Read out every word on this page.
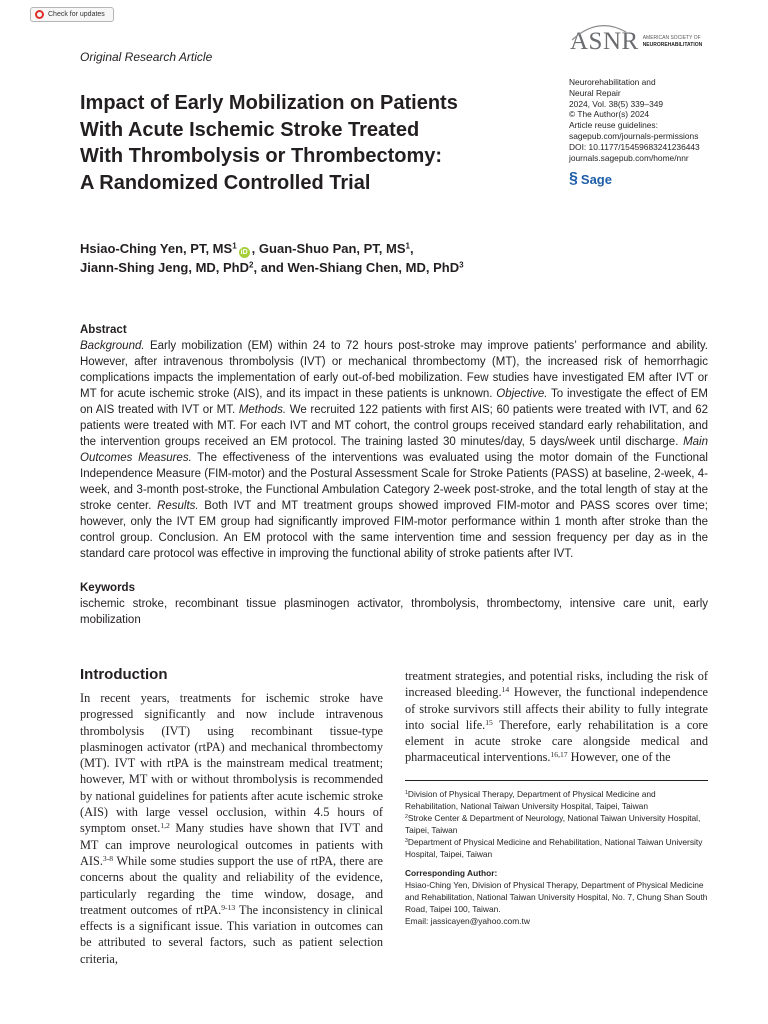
Check for updates
Original Research Article
ASNR AMERICAN SOCIETY OF
NEUROREHABILITATION
Neurorehabilitation and
Neural Repair
2024, Vol. 38(5) 339–349
© The Author(s) 2024
Article reuse guidelines:
sagepub.com/journals-permissions
DOI: 10.1177/15459683241236443
journals.sagepub.com/home/nnr
§ Sage
Impact of Early Mobilization on Patients
With Acute Ischemic Stroke Treated
With Thrombolysis or Thrombectomy:
A Randomized Controlled Trial
Hsiao-Ching Yen, PT, $MS^1iD$ , Guan-Shuo Pan, PT, $MS^1$,
Jiann-Shing Jeng, MD, PhD$^2$, and Wen-Shiang Chen, MD, PhD$^3$
Abstract

Background. Early mobilization (EM) within 24 to 72 hours post-stroke may improve patients’ performance and ability. However, after intravenous thrombolysis (IVT) or mechanical thrombectomy (MT), the increased risk of hemorrhagic complications impacts the implementation of early out-of-bed mobilization. Few studies have investigated EM after IVT or MT for acute ischemic stroke (AIS), and its impact in these patients is unknown. Objective. To investigate the effect of EM on AIS treated with IVT or MT. Methods. We recruited 122 patients with first AIS; 60 patients were treated with IVT, and 62 patients were treated with MT. For each IVT and MT cohort, the control groups received standard early rehabilitation, and the intervention groups received an EM protocol. The training lasted 30 minutes/day, 5 days/week until discharge. Main Outcomes Measures. The effectiveness of the interventions was evaluated using the motor domain of the Functional Independence Measure (FIM-motor) and the Postural Assessment Scale for Stroke Patients (PASS) at baseline, 2-week, 4-week, and 3-month post-stroke, the Functional Ambulation Category 2-week post-stroke, and the total length of stay at the stroke center. Results. Both IVT and MT treatment groups showed improved FIM-motor and PASS scores over time; however, only the IVT EM group had significantly improved FIM-motor performance within 1 month after stroke than the control group. Conclusion. An EM protocol with the same intervention time and session frequency per day as in the standard care protocol was effective in improving the functional ability of stroke patients after IVT.

Keywords

ischemic stroke, recombinant tissue plasminogen activator, thrombolysis, thrombectomy, intensive care unit, early mobilization

Introduction

In recent years, treatments for ischemic stroke have progressed significantly and now include intravenous thrombolysis (IVT) using recombinant tissue-type plasminogen activator (rtPA) and mechanical thrombectomy (MT). IVT with rtPA is the mainstream medical treatment; however, MT with or without thrombolysis is recommended by national guidelines for patients after acute ischemic stroke (AIS) with large vessel occlusion, within 4.5 hours of symptom onset.$^{1,2}$ Many studies have shown that IVT and MT can improve neurological outcomes in patients with AIS.$^{3-8}$ While some studies support the use of rtPA, there are concerns about the quality and reliability of the evidence, particularly regarding the time window, dosage, and treatment outcomes of rtPA.$^{9-13}$ The inconsistency in clinical effects is a significant issue. This variation in outcomes can be attributed to several factors, such as patient selection criteria,

treatment strategies, and potential risks, including the risk of increased bleeding.$^{14}$ However, the functional independence of stroke survivors still affects their ability to fully integrate into social life.$^{15}$ Therefore, early rehabilitation is a core element in acute stroke care alongside medical and pharmaceutical interventions.$^{16,17}$ However, one of the

$^1$Division of Physical Therapy, Department of Physical Medicine and Rehabilitation, National Taiwan University Hospital, Taipei, Taiwan

$^2$Stroke Center & Department of Neurology, National Taiwan University Hospital, Taipei, Taiwan

$^3$Department of Physical Medicine and Rehabilitation, National Taiwan University Hospital, Taipei, Taiwan

Corresponding Author:
Hsiao-Ching Yen, Division of Physical Therapy, Department of Physical Medicine and Rehabilitation, National Taiwan University Hospital, No. 7, Chung Shan South Road, Taipei 100, Taiwan.
Email: jassicayen@yahoo.com.tw
